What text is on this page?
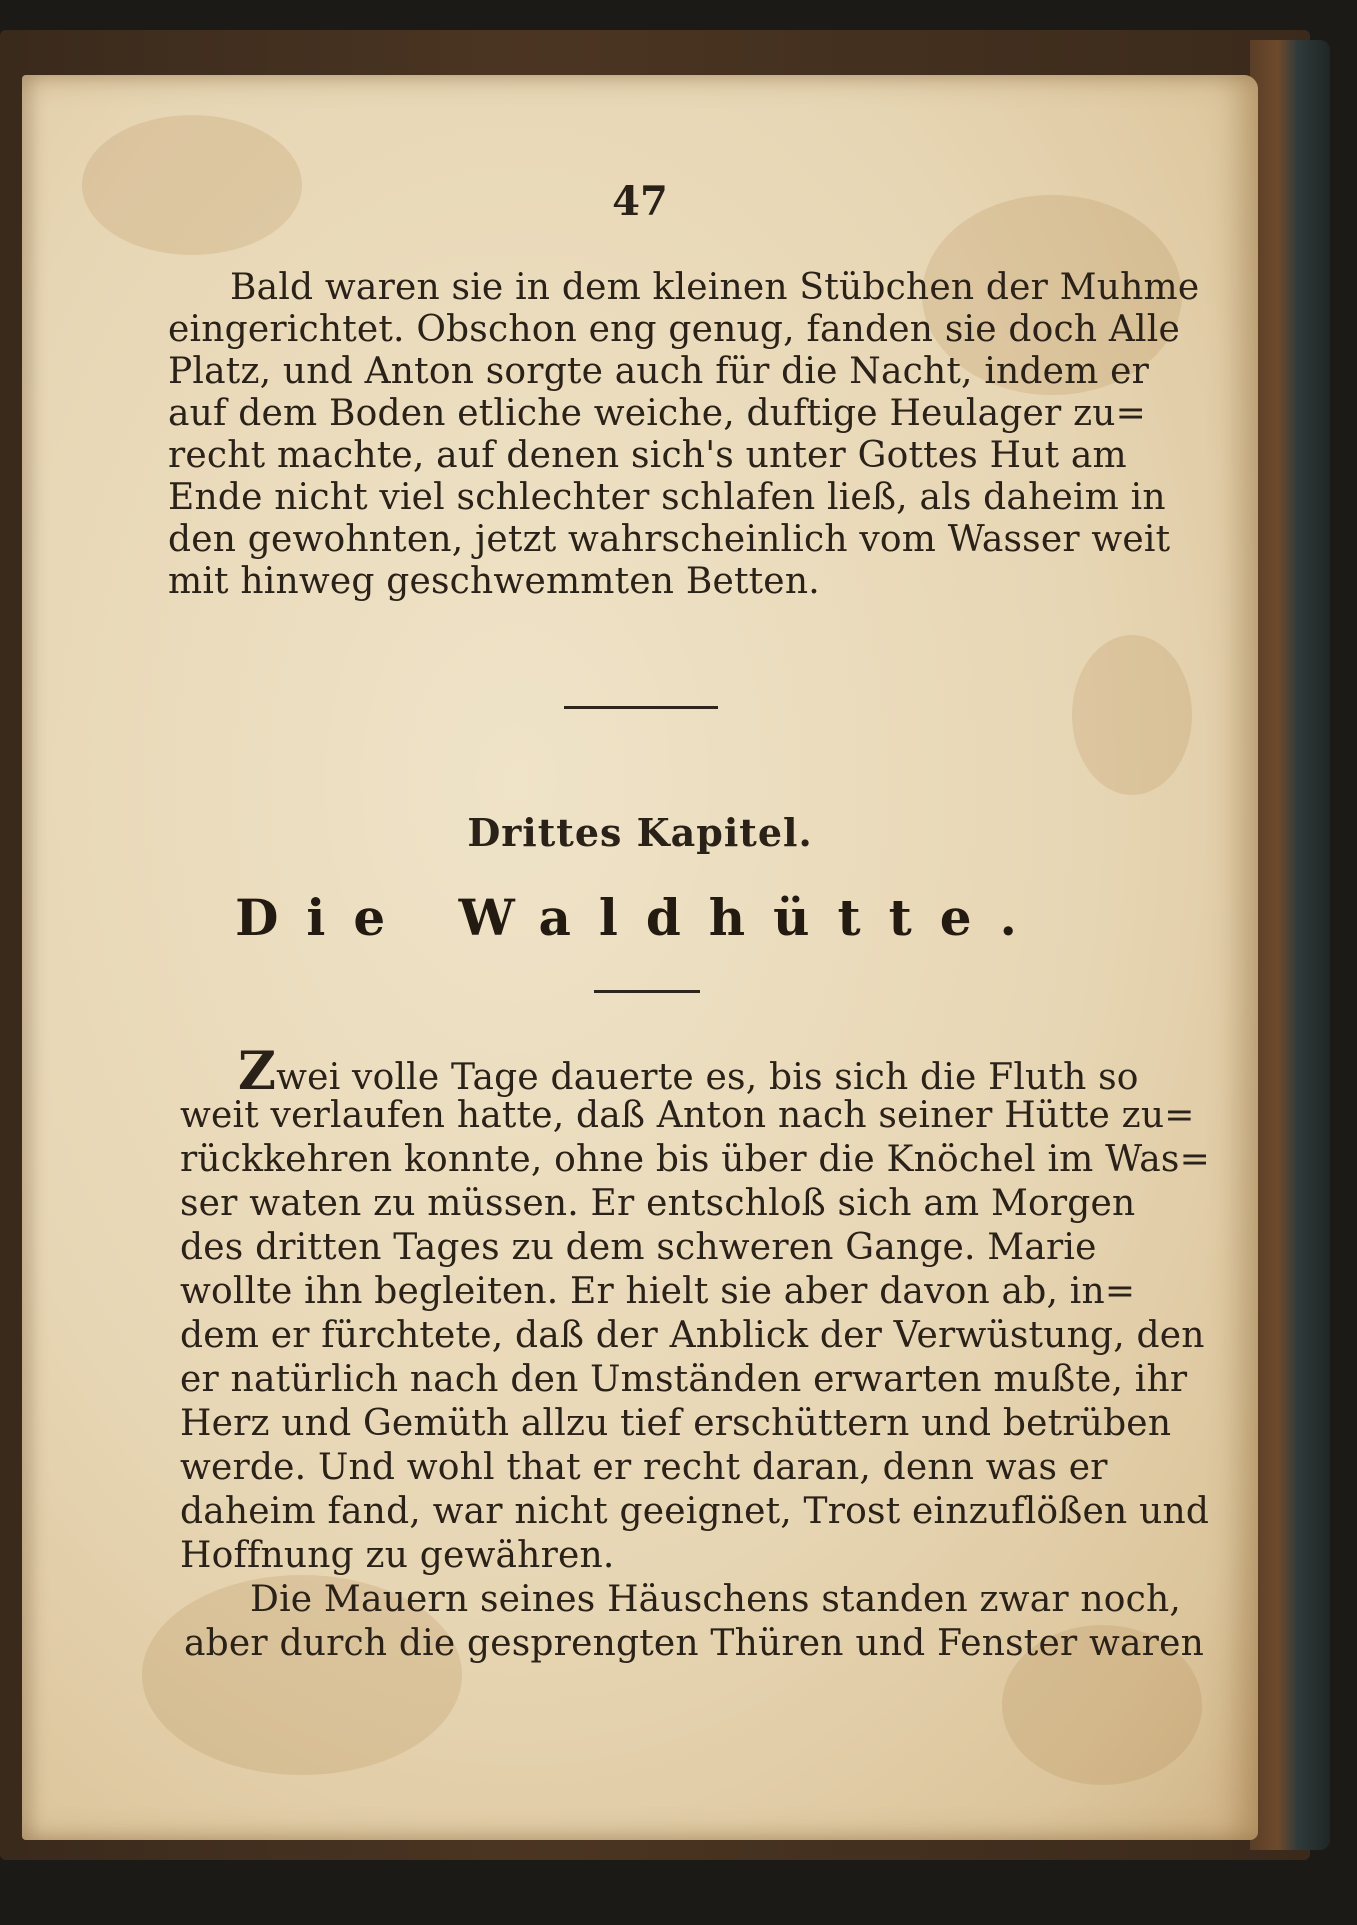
47
Bald waren sie in dem kleinen Stübchen der Muhme
eingerichtet. Obschon eng genug, fanden sie doch Alle
Platz, und Anton sorgte auch für die Nacht, indem er
auf dem Boden etliche weiche, duftige Heulager zu=
recht machte, auf denen sich's unter Gottes Hut am
Ende nicht viel schlechter schlafen ließ, als daheim in
den gewohnten, jetzt wahrscheinlich vom Wasser weit
mit hinweg geschwemmten Betten.
Drittes Kapitel.
Die Waldhütte.
Zwei volle Tage dauerte es, bis sich die Fluth so
weit verlaufen hatte, daß Anton nach seiner Hütte zu=
rückkehren konnte, ohne bis über die Knöchel im Was=
ser waten zu müssen. Er entschloß sich am Morgen
des dritten Tages zu dem schweren Gange. Marie
wollte ihn begleiten. Er hielt sie aber davon ab, in=
dem er fürchtete, daß der Anblick der Verwüstung, den
er natürlich nach den Umständen erwarten mußte, ihr
Herz und Gemüth allzu tief erschüttern und betrüben
werde. Und wohl that er recht daran, denn was er
daheim fand, war nicht geeignet, Trost einzuflößen und
Hoffnung zu gewähren.
Die Mauern seines Häuschens standen zwar noch,
aber durch die gesprengten Thüren und Fenster waren
